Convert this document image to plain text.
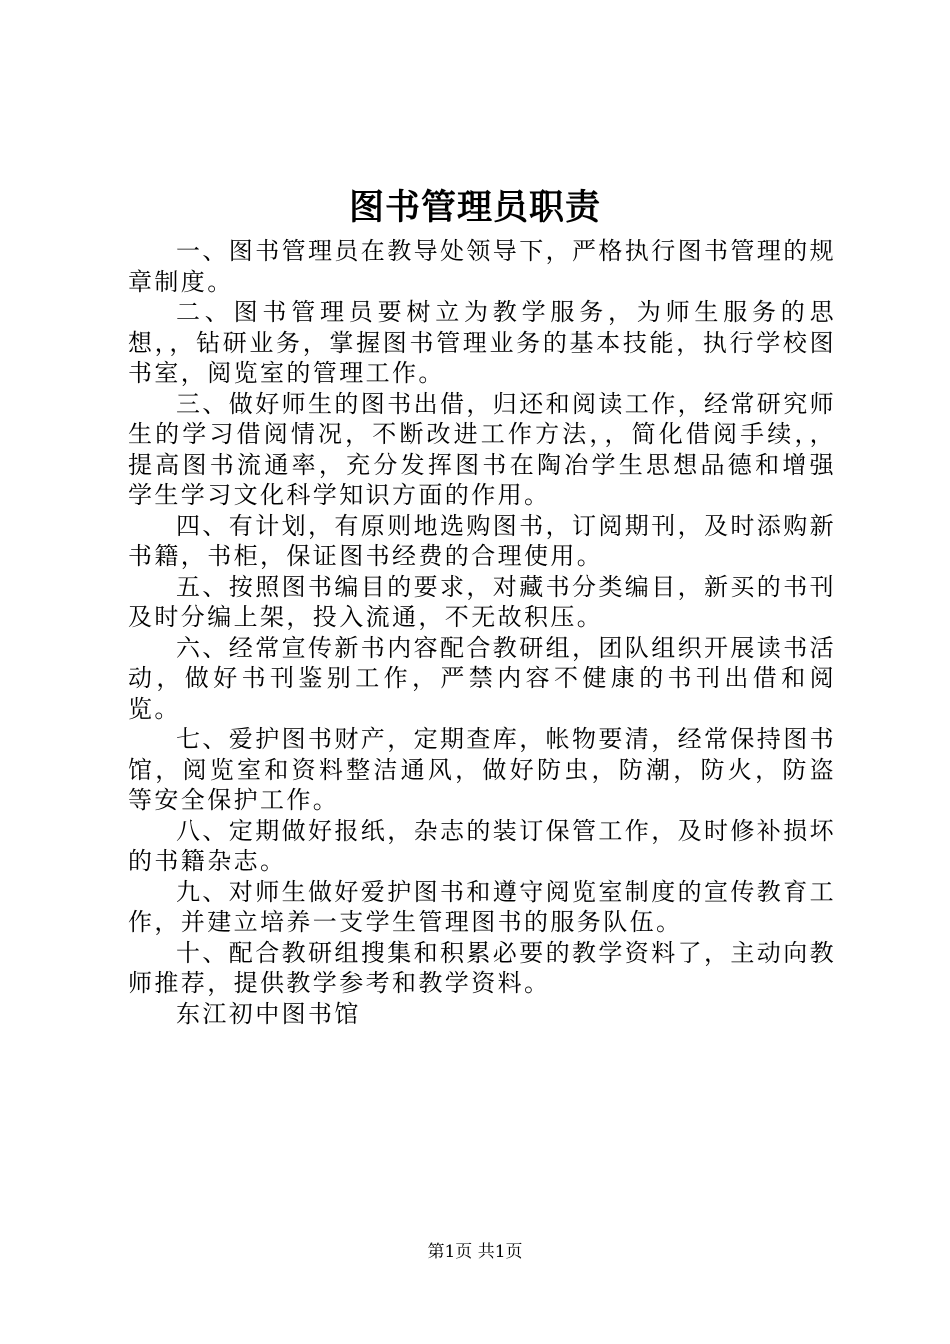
图书管理员职责

一、图书管理员在教导处领导下，严格执行图书管理的规章制度。

二、图书管理员要树立为教学服务，为师生服务的思想，，钻研业务，掌握图书管理业务的基本技能，执行学校图书室，阅览室的管理工作。

三、做好师生的图书出借，归还和阅读工作，经常研究师生的学习借阅情况，不断改进工作方法，，简化借阅手续，，提高图书流通率，充分发挥图书在陶冶学生思想品德和增强学生学习文化科学知识方面的作用。

四、有计划，有原则地选购图书，订阅期刊，及时添购新书籍，书柜，保证图书经费的合理使用。

五、按照图书编目的要求，对藏书分类编目，新买的书刊及时分编上架，投入流通，不无故积压。

六、经常宣传新书内容配合教研组，团队组织开展读书活动，做好书刊鉴别工作，严禁内容不健康的书刊出借和阅览。

七、爱护图书财产，定期查库，帐物要清，经常保持图书馆，阅览室和资料整洁通风，做好防虫，防潮，防火，防盗等安全保护工作。

八、定期做好报纸，杂志的装订保管工作，及时修补损坏的书籍杂志。

九、对师生做好爱护图书和遵守阅览室制度的宣传教育工作，并建立培养一支学生管理图书的服务队伍。

十、配合教研组搜集和积累必要的教学资料了，主动向教师推荐，提供教学参考和教学资料。

东江初中图书馆

第1页 共1页
